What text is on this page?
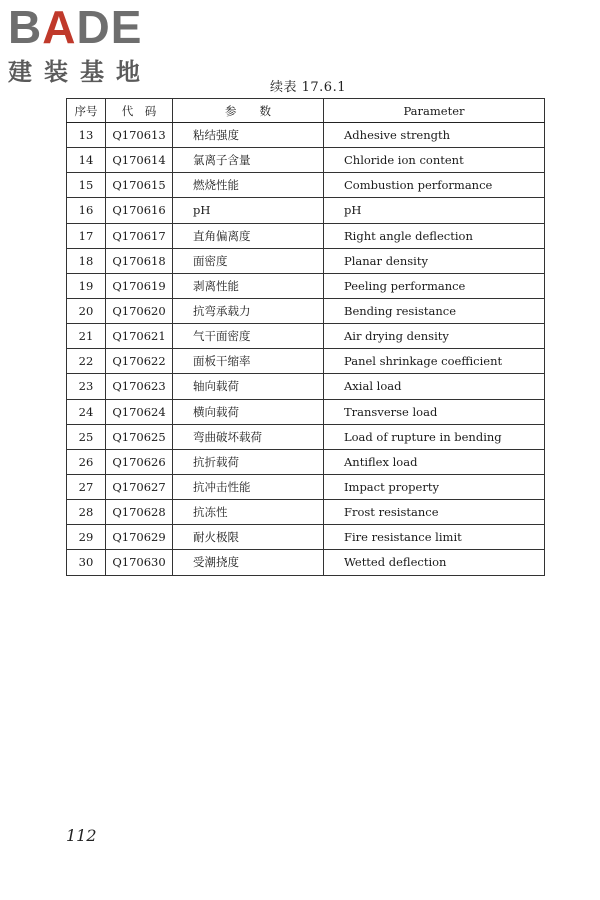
BADE
建装基地
续表 17.6.1
序号	代　码	参　　数	Parameter
13	Q170613	粘结强度	Adhesive strength
14	Q170614	氯离子含量	Chloride ion content
15	Q170615	燃烧性能	Combustion performance
16	Q170616	pH	pH
17	Q170617	直角偏离度	Right angle deflection
18	Q170618	面密度	Planar density
19	Q170619	剥离性能	Peeling performance
20	Q170620	抗弯承载力	Bending resistance
21	Q170621	气干面密度	Air drying density
22	Q170622	面板干缩率	Panel shrinkage coefficient
23	Q170623	轴向载荷	Axial load
24	Q170624	横向载荷	Transverse load
25	Q170625	弯曲破坏载荷	Load of rupture in bending
26	Q170626	抗折载荷	Antiflex load
27	Q170627	抗冲击性能	Impact property
28	Q170628	抗冻性	Frost resistance
29	Q170629	耐火极限	Fire resistance limit
30	Q170630	受潮挠度	Wetted deflection
112
